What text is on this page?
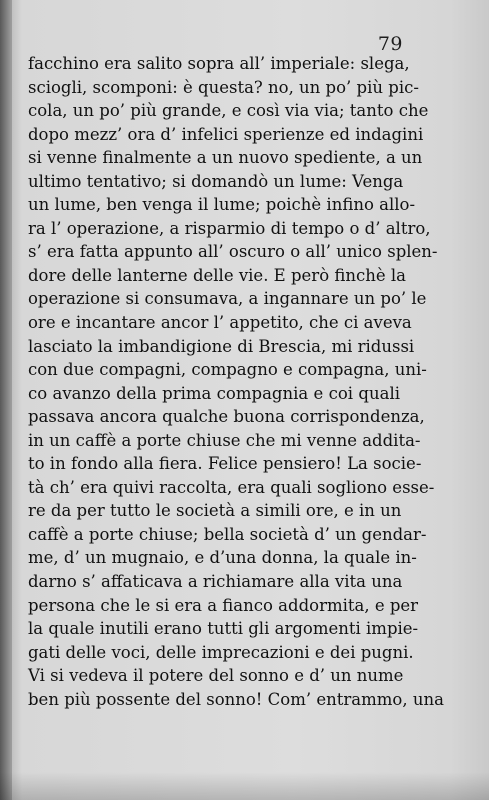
79
facchino era salito sopra all’ imperiale: slega,
sciogli, scomponi: è questa? no, un po’ più pic-
cola, un po’ più grande, e così via via; tanto che
dopo mezz’ ora d’ infelici sperienze ed indagini
si venne finalmente a un nuovo spediente, a un
ultimo tentativo; si domandò un lume: Venga
un lume, ben venga il lume; poichè infino allo-
ra l’ operazione, a risparmio di tempo o d’ altro,
s’ era fatta appunto all’ oscuro o all’ unico splen-
dore delle lanterne delle vie. E però finchè la
operazione si consumava, a ingannare un po’ le
ore e incantare ancor l’ appetito, che ci aveva
lasciato la imbandigione di Brescia, mi ridussi
con due compagni, compagno e compagna, uni-
co avanzo della prima compagnia e coi quali
passava ancora qualche buona corrispondenza,
in un caffè a porte chiuse che mi venne addita-
to in fondo alla fiera. Felice pensiero! La socie-
tà ch’ era quivi raccolta, era quali sogliono esse-
re da per tutto le società a simili ore, e in un
caffè a porte chiuse; bella società d’ un gendar-
me, d’ un mugnaio, e d’una donna, la quale in-
darno s’ affaticava a richiamare alla vita una
persona che le si era a fianco addormita, e per
la quale inutili erano tutti gli argomenti impie-
gati delle voci, delle imprecazioni e dei pugni.
Vi si vedeva il potere del sonno e d’ un nume
ben più possente del sonno! Com’ entrammo, una
